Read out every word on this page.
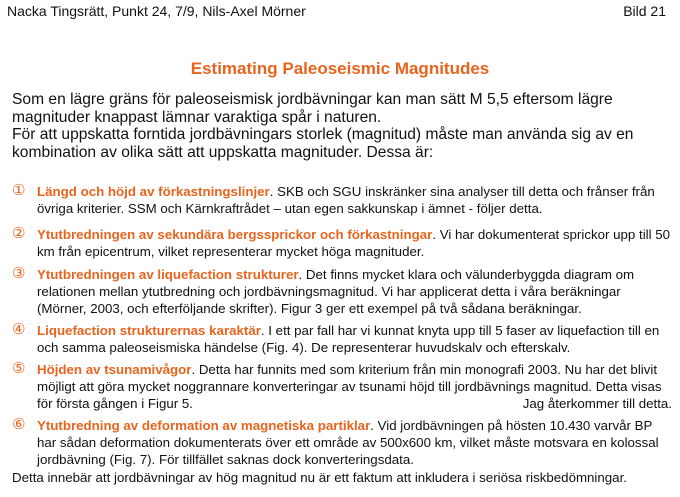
Nacka Tingsrätt, Punkt 24, 7/9, Nils-Axel Mörner	Bild 21
Estimating Paleoseismic Magnitudes

Som en lägre gräns för paleoseismisk jordbävningar kan man sätt M 5,5 eftersom lägre magnituder knappast lämnar varaktiga spår i naturen.

För att uppskatta forntida jordbävningars storlek (magnitud) måste man använda sig av en kombination av olika sätt att uppskatta magnituder. Dessa är:

① Längd och höjd av förkastningslinjer. SKB och SGU inskränker sina analyser till detta och frånser från övriga kriterier. SSM och Kärnkraftrådet – utan egen sakkunskap i ämnet - följer detta.
② Ytutbredningen av sekundära bergssprickor och förkastningar. Vi har dokumenterat sprickor upp till 50 km från epicentrum, vilket representerar mycket höga magnituder.
③ Ytutbredningen av liquefaction strukturer. Det finns mycket klara och välunderbyggda diagram om relationen mellan ytutbredning och jordbävningsmagnitud. Vi har applicerat detta i våra beräkningar (Mörner, 2003, och efterföljande skrifter). Figur 3 ger ett exempel på två sådana beräkningar.
④ Liquefaction strukturernas karaktär. I ett par fall har vi kunnat knyta upp till 5 faser av liquefaction till en och samma paleoseismiska händelse (Fig. 4). De representerar huvudskalv och efterskalv.
⑤ Höjden av tsunamivågor. Detta har funnits med som kriterium från min monografi 2003. Nu har det blivit möjligt att göra mycket noggrannare konverteringar av tsunami höjd till jordbävnings magnitud. Detta visas för första gången i Figur 5.	Jag återkommer till detta.
⑥ Ytutbredning av deformation av magnetiska partiklar. Vid jordbävningen på hösten 10.430 varvår BP har sådan deformation dokumenterats över ett område av 500x600 km, vilket måste motsvara en kolossal jordbävning (Fig. 7). För tillfället saknas dock konverteringsdata.
Detta innebär att jordbävningar av hög magnitud nu är ett faktum att inkludera i seriösa riskbedömningar.
